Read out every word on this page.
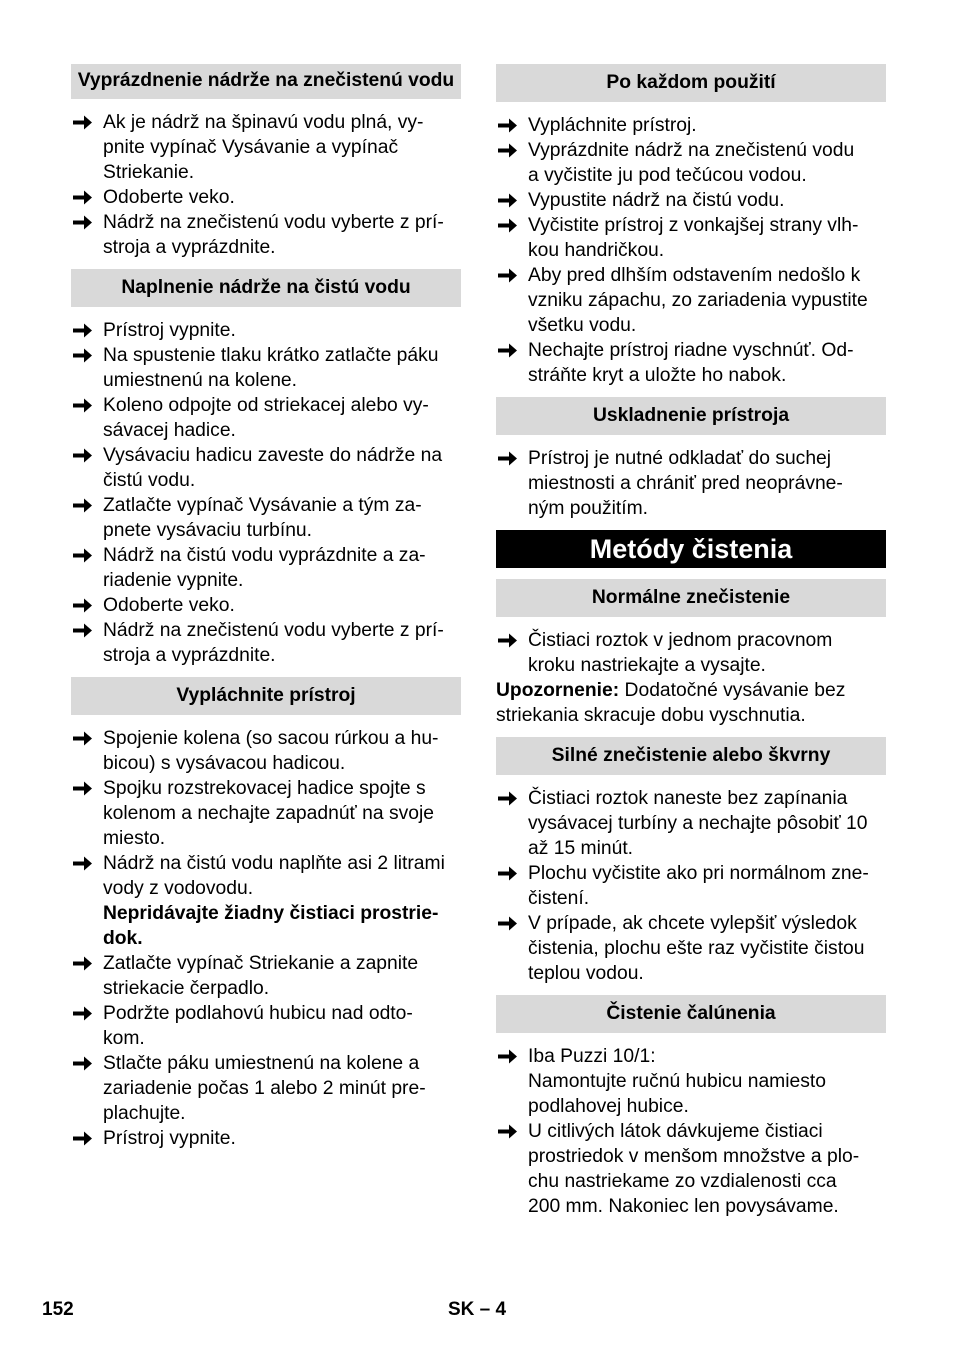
Vyprázdnenie nádrže na znečistenú vodu
Ak je nádrž na špinavú vodu plná, vy-
pnite vypínač Vysávanie a vypínač
Striekanie.
Odoberte veko.
Nádrž na znečistenú vodu vyberte z prí-
stroja a vyprázdnite.
Naplnenie nádrže na čistú vodu
Prístroj vypnite.
Na spustenie tlaku krátko zatlačte páku
umiestnenú na kolene.
Koleno odpojte od striekacej alebo vy-
sávacej hadice.
Vysávaciu hadicu zaveste do nádrže na
čistú vodu.
Zatlačte vypínač Vysávanie a tým za-
pnete vysávaciu turbínu.
Nádrž na čistú vodu vyprázdnite a za-
riadenie vypnite.
Odoberte veko.
Nádrž na znečistenú vodu vyberte z prí-
stroja a vyprázdnite.
Vypláchnite prístroj
Spojenie kolena (so sacou rúrkou a hu-
bicou) s vysávacou hadicou.
Spojku rozstrekovacej hadice spojte s
kolenom a nechajte zapadnúť na svoje
miesto.
Nádrž na čistú vodu naplňte asi 2 litrami
vody z vodovodu.
Nepridávajte žiadny čistiaci prostrie-
dok.
Zatlačte vypínač Striekanie a zapnite
striekacie čerpadlo.
Podržte podlahovú hubicu nad odto-
kom.
Stlačte páku umiestnenú na kolene a
zariadenie počas 1 alebo 2 minút pre-
plachujte.
Prístroj vypnite.
Po každom použití
Vypláchnite prístroj.
Vyprázdnite nádrž na znečistenú vodu
a vyčistite ju pod tečúcou vodou.
Vypustite nádrž na čistú vodu.
Vyčistite prístroj z vonkajšej strany vlh-
kou handričkou.
Aby pred dlhším odstavením nedošlo k
vzniku zápachu, zo zariadenia vypustite
všetku vodu.
Nechajte prístroj riadne vyschnúť. Od-
stráňte kryt a uložte ho nabok.
Uskladnenie prístroja
Prístroj je nutné odkladať do suchej
miestnosti a chrániť pred neoprávne-
ným použitím.
Metódy čistenia
Normálne znečistenie
Čistiaci roztok v jednom pracovnom
kroku nastriekajte a vysajte.

Upozornenie: Dodatočné vysávanie bez
striekania skracuje dobu vyschnutia.

Silné znečistenie alebo škvrny
Čistiaci roztok naneste bez zapínania
vysávacej turbíny a nechajte pôsobiť 10
až 15 minút.
Plochu vyčistite ako pri normálnom zne-
čistení.
V prípade, ak chcete vylepšiť výsledok
čistenia, plochu ešte raz vyčistite čistou
teplou vodou.
Čistenie čalúnenia
Iba Puzzi 10/1:
Namontujte ručnú hubicu namiesto
podlahovej hubice.
U citlivých látok dávkujeme čistiaci
prostriedok v menšom množstve a plo-
chu nastriekame zo vzdialenosti cca
200 mm. Nakoniec len povysávame.
152	SK – 4
